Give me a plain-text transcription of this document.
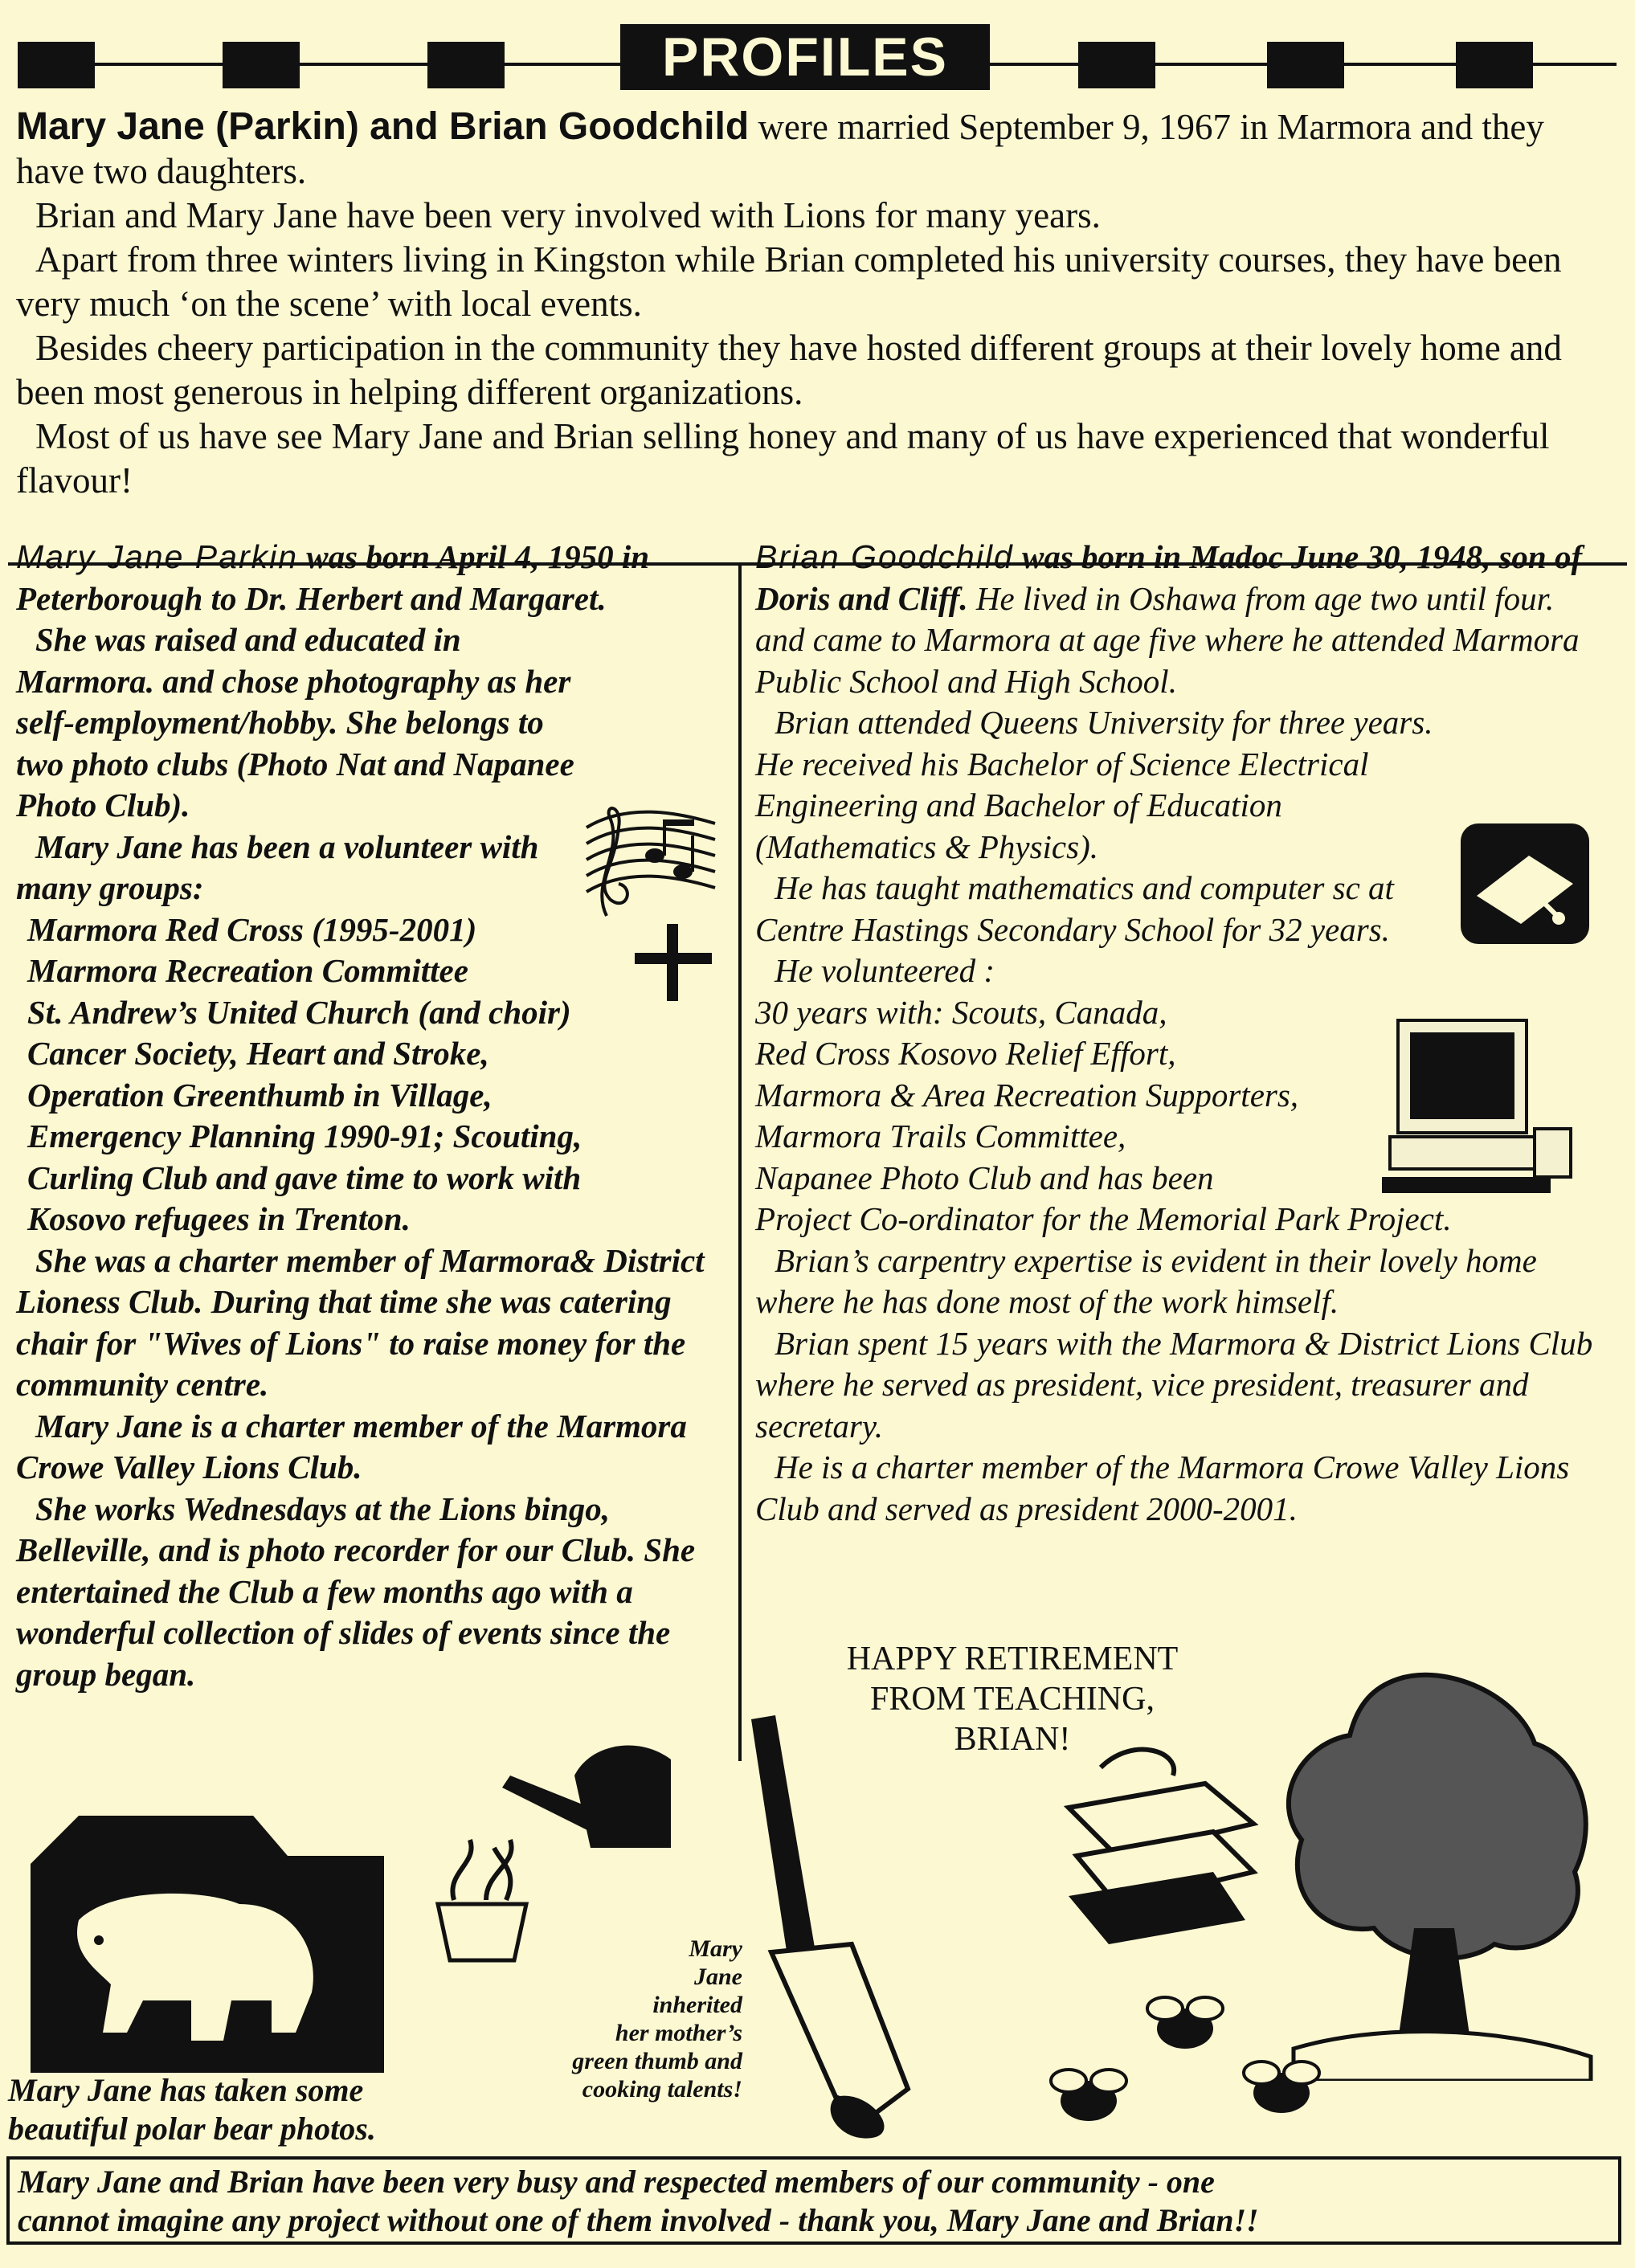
PROFILES

Mary Jane (Parkin) and Brian Goodchild were married September 9, 1967 in Marmora and they have two daughters.

Brian and Mary Jane have been very involved with Lions for many years.

Apart from three winters living in Kingston while Brian completed his university courses, they have been very much ‘on the scene’ with local events.

Besides cheery participation in the community they have hosted different groups at their lovely home and been most generous in helping different organizations.

Most of us have see Mary Jane and Brian selling honey and many of us have experienced that wonderful flavour!

Mary Jane Parkin was born April 4, 1950 in Peterborough to Dr. Herbert and Margaret.

She was raised and educated in Marmora. and chose photography as her self-employment/hobby. She belongs to two photo clubs (Photo Nat and Napanee Photo Club).

Mary Jane has been a volunteer with many groups:

Marmora Red Cross (1995-2001)
Marmora Recreation Committee
St. Andrew’s United Church (and choir)
Cancer Society, Heart and Stroke,
Operation Greenthumb in Village,
Emergency Planning 1990-91; Scouting,
Curling Club and gave time to work with
Kosovo refugees in Trenton.

She was a charter member of Marmora& District Lioness Club. During that time she was catering chair for "Wives of Lions" to raise money for the community centre.

Mary Jane is a charter member of the Marmora Crowe Valley Lions Club.

She works Wednesdays at the Lions bingo, Belleville, and is photo recorder for our Club. She entertained the Club a few months ago with a wonderful collection of slides of events since the group began.

Brian Goodchild was born in Madoc June 30, 1948, son of Doris and Cliff. He lived in Oshawa from age two until four. and came to Marmora at age five where he attended Marmora Public School and High School.

Brian attended Queens University for three years. He received his Bachelor of Science Electrical Engineering and Bachelor of Education (Mathematics & Physics).

He has taught mathematics and computer sc at Centre Hastings Secondary School for 32 years.

He volunteered :

30 years with: Scouts, Canada,
Red Cross Kosovo Relief Effort,
Marmora & Area Recreation Supporters,
Marmora Trails Committee,
Napanee Photo Club and has been
Project Co-ordinator for the Memorial Park Project.

Brian’s carpentry expertise is evident in their lovely home where he has done most of the work himself.

Brian spent 15 years with the Marmora & District Lions Club where he served as president, vice president, treasurer and secretary.

He is a charter member of the Marmora Crowe Valley Lions Club and served as president 2000-2001.

HAPPY RETIREMENT
FROM TEACHING,
BRIAN!
Mary
Jane
inherited
her mother’s
green thumb and
cooking talents!
Mary Jane has taken some
beautiful polar bear photos.
Mary Jane and Brian have been very busy and respected members of our community - one
cannot imagine any project without one of them involved - thank you, Mary Jane and Brian!!
